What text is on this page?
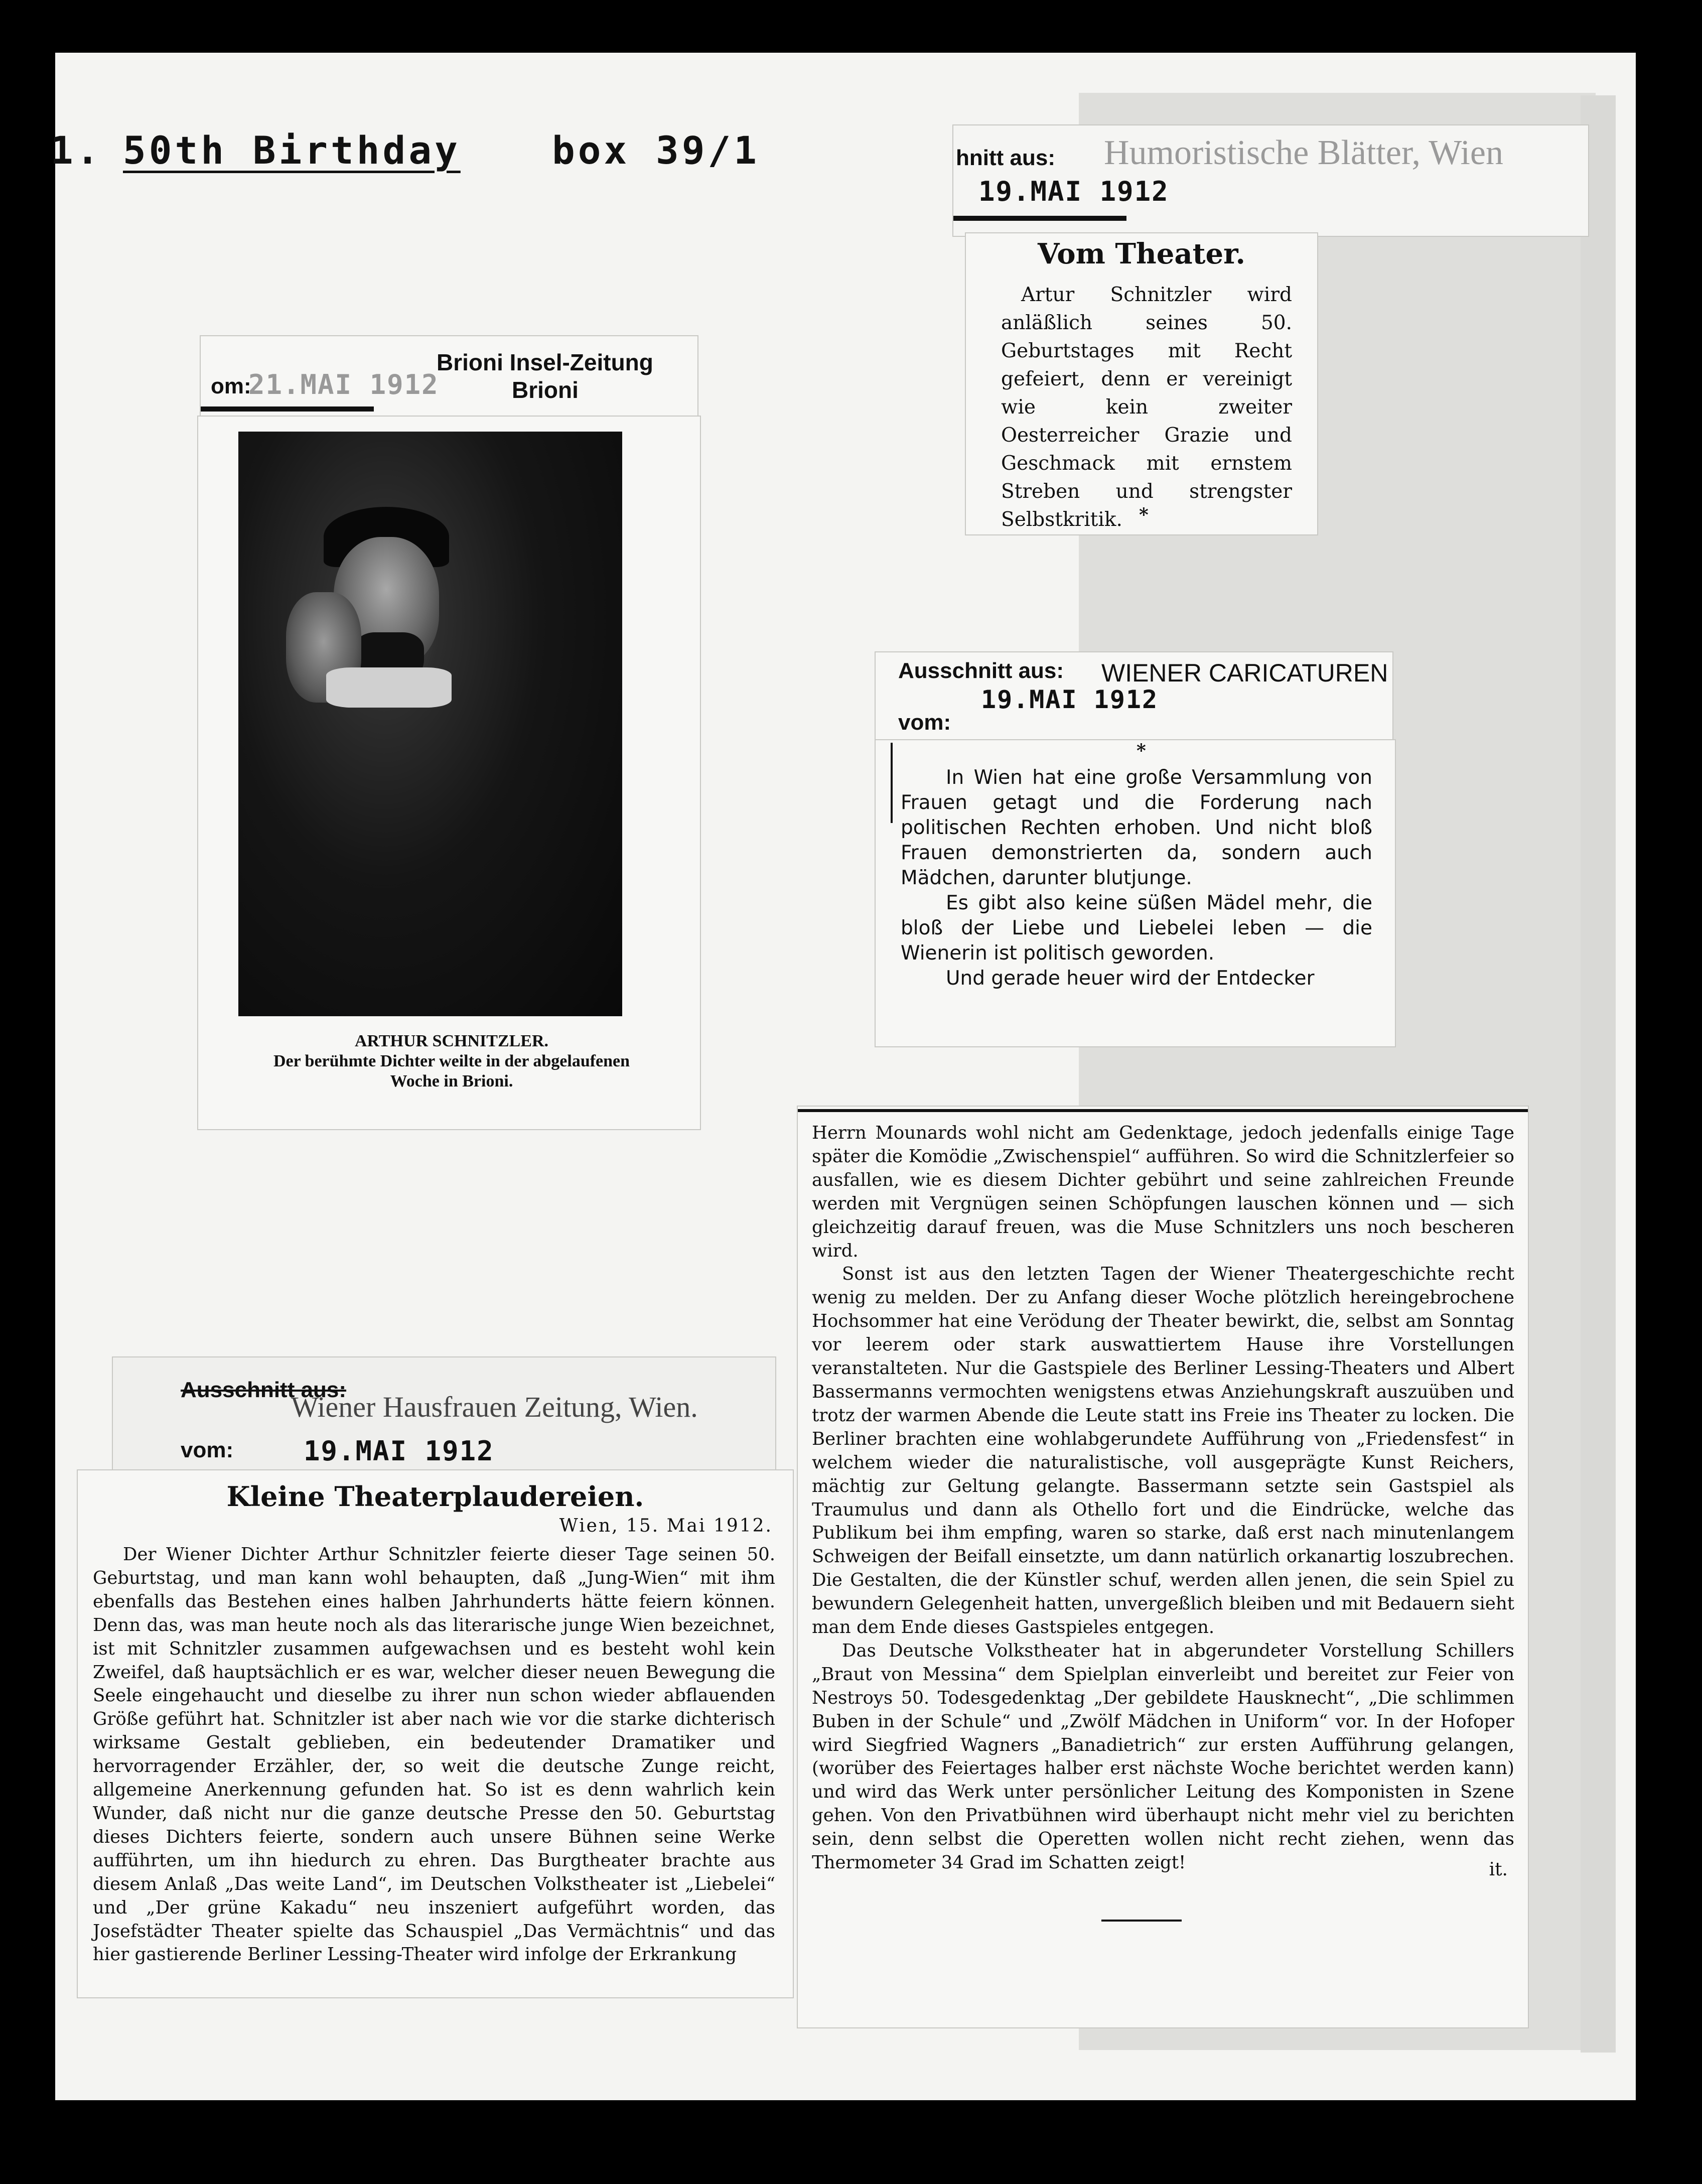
1. 50th Birthday box 39/1	hnitt aus:
19.MAI 1912
Humoristische Blätter, Wien
Vom Theater.

Artur Schnitzler wird anläßlich seines 50. Geburtstages mit Recht gefeiert, denn er vereinigt wie kein zweiter Oesterreicher Grazie und Geschmack mit ernstem Streben und strengster Selbstkritik. *
om:
21.MAI 1912
Brioni Insel-Zeitung
Brioni
ARTHUR SCHNITZLER.
Der berühmte Dichter weilte in der abgelaufenen
Woche in Brioni.
Ausschnitt aus: WIENER CARICATUREN
19.MAI 1912
vom:
*

In Wien hat eine große Versammlung von Frauen getagt und die Forderung nach politischen Rechten erhoben. Und nicht bloß Frauen demonstrierten da, sondern auch Mädchen, darunter blutjunge.

Es gibt also keine süßen Mädel mehr, die bloß der Liebe und Liebelei leben — die Wienerin ist politisch geworden.

Und gerade heuer wird der Entdecker

Ausschnitt aus:
Wiener Hausfrauen Zeitung, Wien.
vom:	19.MAI 1912
Kleine Theaterplaudereien.
Wien, 15. Mai 1912.

Der Wiener Dichter Arthur Schnitzler feierte dieser Tage seinen 50. Geburtstag, und man kann wohl behaupten, daß „Jung-Wien“ mit ihm ebenfalls das Bestehen eines halben Jahrhunderts hätte feiern können. Denn das, was man heute noch als das literarische junge Wien bezeichnet, ist mit Schnitzler zusammen aufgewachsen und es besteht wohl kein Zweifel, daß hauptsächlich er es war, welcher dieser neuen Bewegung die Seele eingehaucht und dieselbe zu ihrer nun schon wieder abflauenden Größe geführt hat. Schnitzler ist aber nach wie vor die starke dichterisch wirksame Gestalt geblieben, ein bedeutender Dramatiker und hervorragender Erzähler, der, so weit die deutsche Zunge reicht, allgemeine Anerkennung gefunden hat. So ist es denn wahrlich kein Wunder, daß nicht nur die ganze deutsche Presse den 50. Geburtstag dieses Dichters feierte, sondern auch unsere Bühnen seine Werke aufführten, um ihn hiedurch zu ehren. Das Burgtheater brachte aus diesem Anlaß „Das weite Land“, im Deutschen Volkstheater ist „Liebelei“ und „Der grüne Kakadu“ neu inszeniert aufgeführt worden, das Josefstädter Theater spielte das Schauspiel „Das Vermächtnis“ und das hier gastierende Berliner Lessing-Theater wird infolge der Erkrankung

Herrn Mounards wohl nicht am Gedenktage, jedoch jedenfalls einige Tage später die Komödie „Zwischenspiel“ aufführen. So wird die Schnitzlerfeier so ausfallen, wie es diesem Dichter gebührt und seine zahlreichen Freunde werden mit Vergnügen seinen Schöpfungen lauschen können und — sich gleichzeitig darauf freuen, was die Muse Schnitzlers uns noch bescheren wird.

Sonst ist aus den letzten Tagen der Wiener Theatergeschichte recht wenig zu melden. Der zu Anfang dieser Woche plötzlich hereingebrochene Hochsommer hat eine Verödung der Theater bewirkt, die, selbst am Sonntag vor leerem oder stark auswattiertem Hause ihre Vorstellungen veranstalteten. Nur die Gastspiele des Berliner Lessing-Theaters und Albert Bassermanns vermochten wenigstens etwas Anziehungskraft auszuüben und trotz der warmen Abende die Leute statt ins Freie ins Theater zu locken. Die Berliner brachten eine wohlabgerundete Aufführung von „Friedensfest“ in welchem wieder die naturalistische, voll ausgeprägte Kunst Reichers, mächtig zur Geltung gelangte. Bassermann setzte sein Gastspiel als Traumulus und dann als Othello fort und die Eindrücke, welche das Publikum bei ihm empfing, waren so starke, daß erst nach minutenlangem Schweigen der Beifall einsetzte, um dann natürlich orkanartig loszubrechen. Die Gestalten, die der Künstler schuf, werden allen jenen, die sein Spiel zu bewundern Gelegenheit hatten, unvergeßlich bleiben und mit Bedauern sieht man dem Ende dieses Gastspieles entgegen.

Das Deutsche Volkstheater hat in abgerundeter Vorstellung Schillers „Braut von Messina“ dem Spielplan einverleibt und bereitet zur Feier von Nestroys 50. Todesgedenktag „Der gebildete Hausknecht“, „Die schlimmen Buben in der Schule“ und „Zwölf Mädchen in Uniform“ vor. In der Hofoper wird Siegfried Wagners „Banadietrich“ zur ersten Aufführung gelangen, (worüber des Feiertages halber erst nächste Woche berichtet werden kann) und wird das Werk unter persönlicher Leitung des Komponisten in Szene gehen. Von den Privatbühnen wird überhaupt nicht mehr viel zu berichten sein, denn selbst die Operetten wollen nicht recht ziehen, wenn das Thermometer 34 Grad im Schatten zeigt!	it.
